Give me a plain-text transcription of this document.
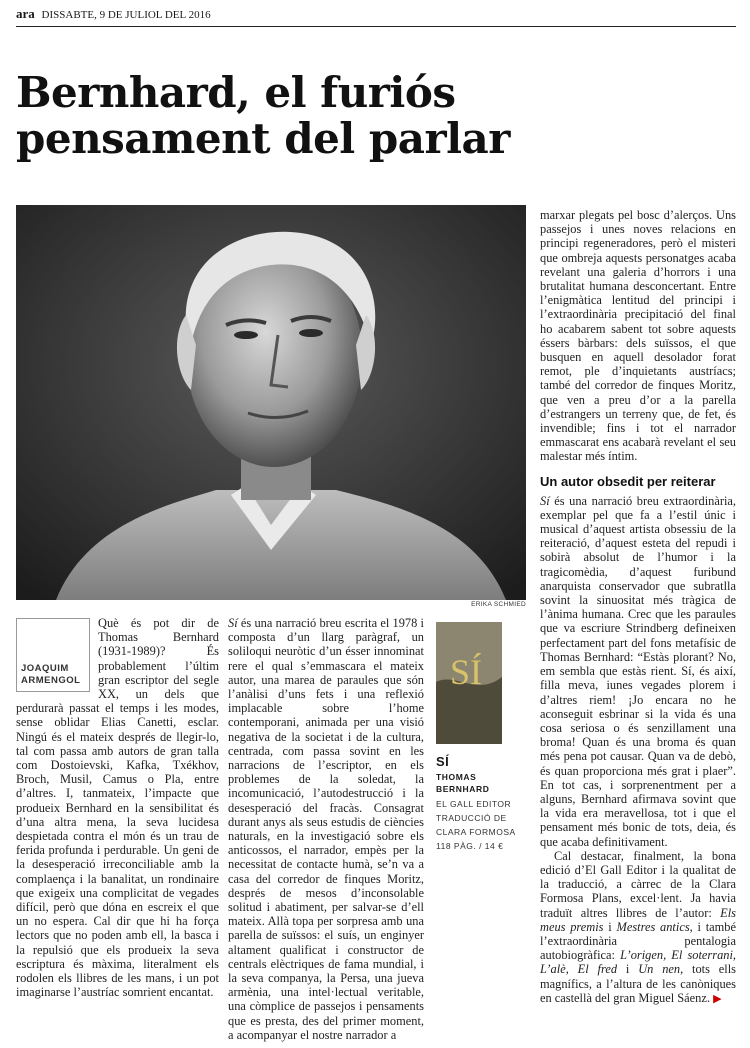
ara DISSABTE, 9 DE JULIOL DEL 2016
Bernhard, el furiós
pensament del parlar
ERIKA SCHMIED
JOAQUIM
ARMENGOL

Què és pot dir de Thomas Bernhard (1931-1989)? És probablement l’últim gran escriptor del segle XX, un dels que perdurarà passat el temps i les modes, sense oblidar Elias Canetti, esclar. Ningú és el mateix després de llegir-lo, tal com passa amb autors de gran talla com Dostoievski, Kafka, Txékhov, Broch, Musil, Camus o Pla, entre d’altres. I, tanmateix, l’impacte que produeix Bernhard en la sensibilitat és d’una altra mena, la seva lucidesa despietada contra el món és un trau de ferida profunda i perdurable. Un geni de la desesperació irreconciliable amb la complaença i la banalitat, un rondinaire que exigeix una complicitat de vegades difícil, però que dóna en escreix el que un no espera. Cal dir que hi ha força lectors que no poden amb ell, la basca i la repulsió que els produeix la seva escriptura és màxima, literalment els rodolen els llibres de les mans, i un pot imaginarse l’austríac somrient encantat.

Sí és una narració breu escrita el 1978 i composta d’un llarg paràgraf, un soliloqui neuròtic d’un ésser innominat rere el qual s’emmascara el mateix autor, una marea de paraules que són l’anàlisi d’uns fets i una reflexió implacable sobre l’home contemporani, animada per una visió negativa de la societat i de la cultura, centrada, com passa sovint en les narracions de l’escriptor, en els problemes de la soledat, la incomunicació, l’autodestrucció i la desesperació del fracàs. Consagrat durant anys als seus estudis de ciències naturals, en la investigació sobre els anticossos, el narrador, empès per la necessitat de contacte humà, se’n va a casa del corredor de finques Moritz, després de mesos d’inconsolable solitud i abatiment, per salvar-se d’ell mateix. Allà topa per sorpresa amb una parella de suïssos: el suís, un enginyer altament qualificat i constructor de centrals elèctriques de fama mundial, i la seva companya, la Persa, una jueva armènia, una intel·lectual veritable, una còmplice de passejos i pensaments que es presta, des del primer moment, a acompanyar el nostre narrador a

SÍ
SÍ
THOMAS
BERNHARD
EL GALL EDITOR
TRADUCCIÓ DE
CLARA FORMOSA
118 PÀG. / 14 €

marxar plegats pel bosc d’alerços. Uns passejos i unes noves relacions en principi regeneradores, però el misteri que ombreja aquests personatges acaba revelant una galeria d’horrors i una brutalitat humana desconcertant. Entre l’enigmàtica lentitud del principi i l’extraordinària precipitació del final ho acabarem sabent tot sobre aquests éssers bàrbars: dels suïssos, el que busquen en aquell desolador forat remot, ple d’inquietants austríacs; també del corredor de finques Moritz, que ven a preu d’or a la parella d’estrangers un terreny que, de fet, és invendible; fins i tot el narrador emmascarat ens acabarà revelant el seu malestar més íntim.

Un autor obsedit per reiterar

Sí és una narració breu extraordinària, exemplar pel que fa a l’estil únic i musical d’aquest artista obsessiu de la reiteració, d’aquest esteta del repudi i sobirà absolut de l’humor i la tragicomèdia, d’aquest furibund anarquista conservador que subratlla sovint la sinuositat més tràgica de l’ànima humana. Crec que les paraules que va escriure Strindberg defineixen perfectament part del fons metafísic de Thomas Bernhard: “Estàs plorant? No, em sembla que estàs rient. Sí, és així, filla meva, iunes vegades plorem i d’altres riem! ¡Jo encara no he aconseguit esbrinar si la vida és una cosa seriosa o és senzillament una broma! Quan és una broma és quan més pena pot causar. Quan va de debò, és quan proporciona més grat i plaer”. En tot cas, i sorprenentment per a alguns, Bernhard afirmava sovint que la vida era meravellosa, tot i que el pensament més bonic de tots, deia, és que acaba definitivament.

Cal destacar, finalment, la bona edició d’El Gall Editor i la qualitat de la traducció, a càrrec de la Clara Formosa Plans, excel·lent. Ja havia traduït altres llibres de l’autor: Els meus premis i Mestres antics, i també l’extraordinària pentalogia autobiogràfica: L’origen, El soterrani, L’alè, El fred i Un nen, tots ells magnífics, a l’altura de les canòniques en castellà del gran Miguel Sáenz. ▶
